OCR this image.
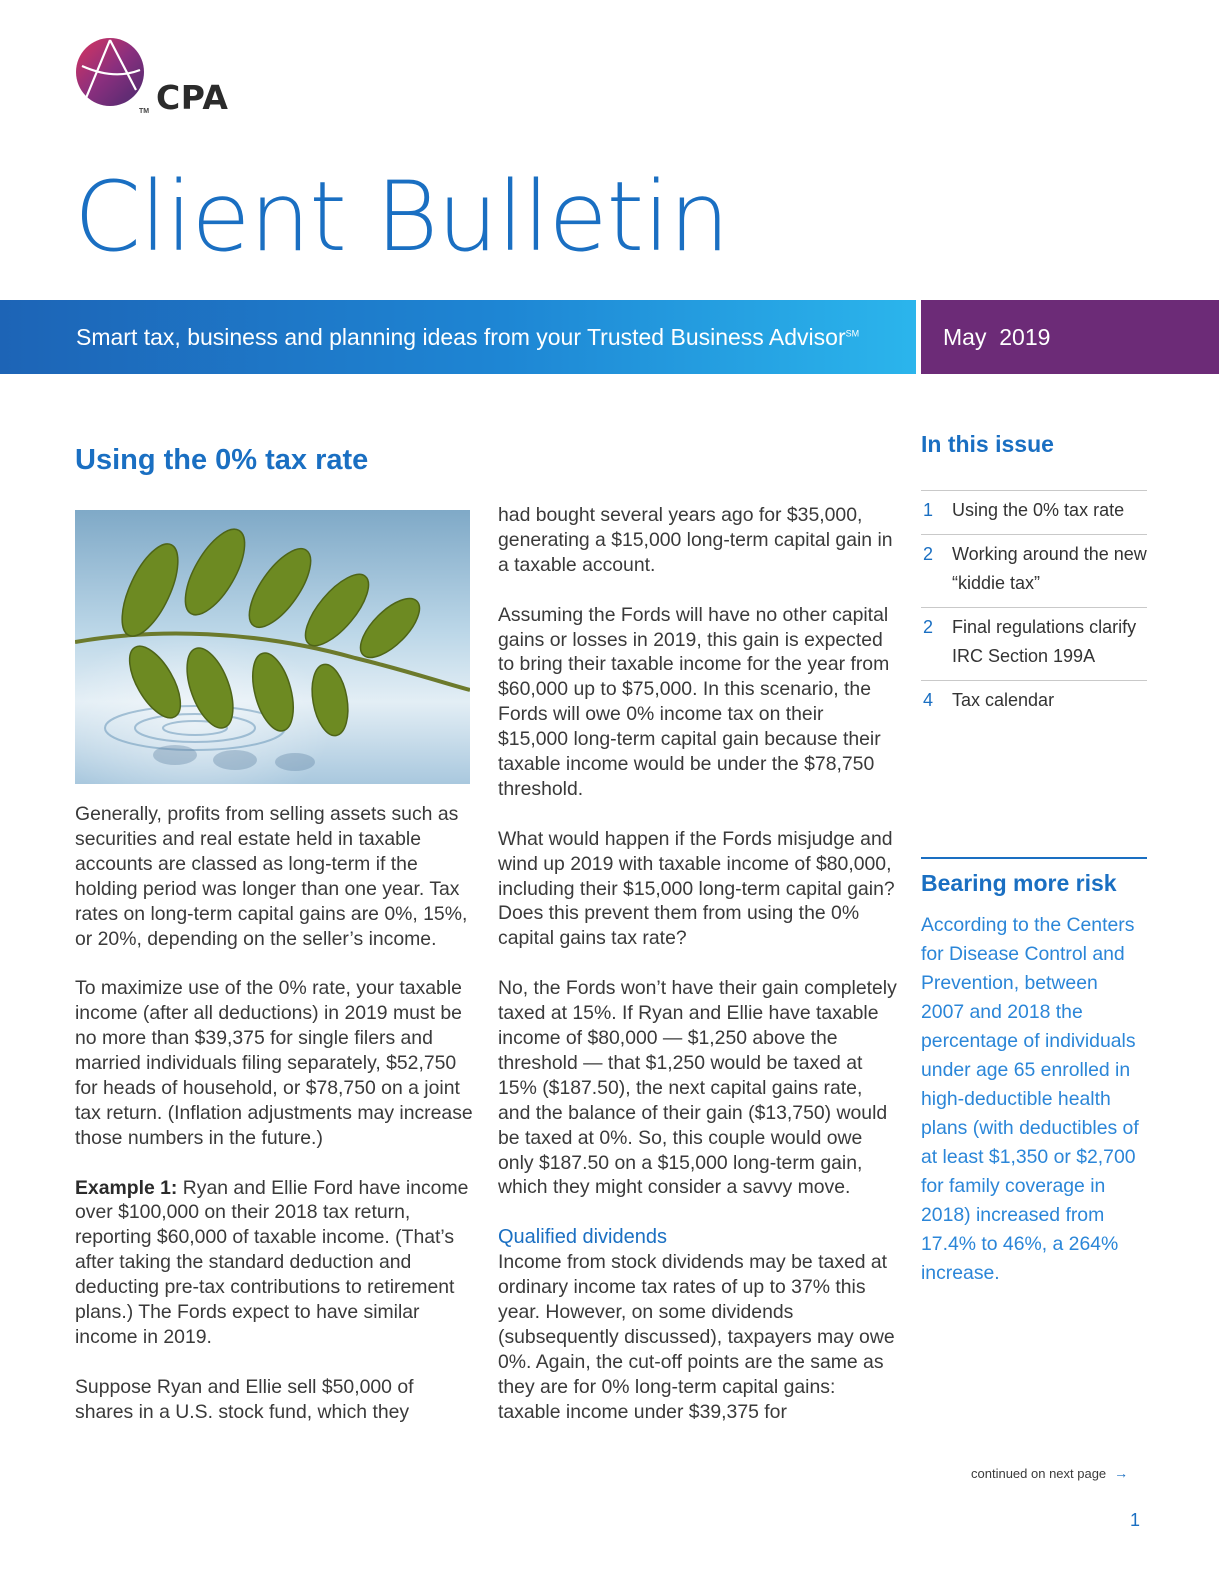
TM CPA
Client Bulletin
Smart tax, business and planning ideas from your Trusted Business Advisor℠	May  2019
Using the 0% tax rate

Generally, profits from selling assets such as securities and real estate held in taxable accounts are classed as long-term if the holding period was longer than one year. Tax rates on long-term capital gains are 0%, 15%, or 20%, depending on the seller’s income.

To maximize use of the 0% rate, your taxable income (after all deductions) in 2019 must be no more than $39,375 for single filers and married individuals filing separately, $52,750 for heads of household, or $78,750 on a joint tax return. (Inflation adjustments may increase those numbers in the future.)

Example 1: Ryan and Ellie Ford have income over $100,000 on their 2018 tax return, reporting $60,000 of taxable income. (That’s after taking the standard deduction and deducting pre-tax contributions to retirement plans.) The Fords expect to have similar income in 2019.

Suppose Ryan and Ellie sell $50,000 of shares in a U.S. stock fund, which they

had bought several years ago for $35,000, generating a $15,000 long-term capital gain in a taxable account.

Assuming the Fords will have no other capital gains or losses in 2019, this gain is expected to bring their taxable income for the year from $60,000 up to $75,000. In this scenario, the Fords will owe 0% income tax on their $15,000 long-term capital gain because their taxable income would be under the $78,750 threshold.

What would happen if the Fords misjudge and wind up 2019 with taxable income of $80,000, including their $15,000 long-term capital gain? Does this prevent them from using the 0% capital gains tax rate?

No, the Fords won’t have their gain completely taxed at 15%. If Ryan and Ellie have taxable income of $80,000 — $1,250 above the threshold — that $1,250 would be taxed at 15% ($187.50), the next capital gains rate, and the balance of their gain ($13,750) would be taxed at 0%. So, this couple would owe only $187.50 on a $15,000 long-term gain, which they might consider a savvy move.

Qualified dividends

Income from stock dividends may be taxed at ordinary income tax rates of up to 37% this year. However, on some dividends (subsequently discussed), taxpayers may owe 0%. Again, the cut-off points are the same as they are for 0% long-term capital gains: taxable income under $39,375 for

In this issue
1 Using the 0% tax rate
2 Working around the new “kiddie tax”
2 Final regulations clarify IRC Section 199A
4 Tax calendar
Bearing more risk

According to the Centers for Disease Control and Prevention, between 2007 and 2018 the percentage of individuals under age 65 enrolled in high-deductible health plans (with deductibles of at least $1,350 or $2,700 for family coverage in 2018) increased from 17.4% to 46%, a 264% increase.

continued on next page →
1
